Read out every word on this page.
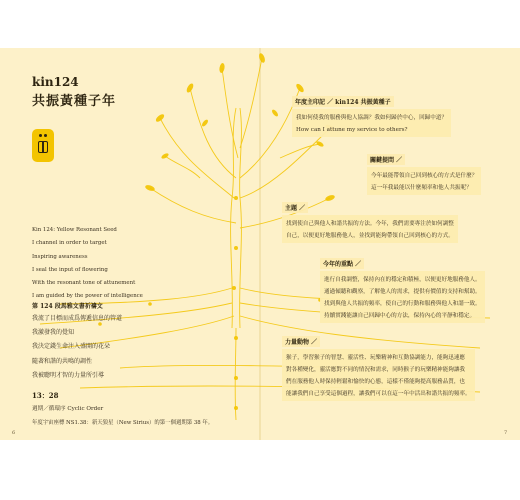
kin124
共振黃種子年
Kin 124: Yellow Resonant Seed
I channel in order to target
Inspiring awareness
I seal the input of flowering
With the resonant tone of attunement
I am guided by the power of intelligence
第 124 段馬雅文書祈禱文
我流了目標而成爲傳遞信息的管道
我激發我的覺知
我決定錢生命注入盛開的花朵
隨著和諧的共鳴的調性
我被聰明才智的力量所引導
13：28
週期／循環序 Cyclic Order
年度宇宙座標 NS1.38：新天狼星（New Sirius）的第一個週期第 38 年。
6	7
年度主印記 ／ kin124 共振黃種子
我如何使我的服務與他人協調？我如何歸於中心，回歸中道？
How can I attune my service to others?
關鍵提問 ／
今年最能帶領自己回到核心的方式是什麼？
這一年我最能以什麼頻率和他人共振呢？
主題 ／
找到使自己與他人和諧共振的方法。今年，我們需要專注於如何調整
自己，以便更好地服務他人，並找到能夠帶領自己回到核心的方式。
今年的重點 ／
進行自我調整，保持內在的穩定和積極，以便更好地服務他人。
通過傾聽和觀察，了解他人的需求，提供有價值的支持和幫助。
找到與他人共振的頻率，使自己的行動和服務與他人和諧一致。
持續實踐能讓自己回歸中心的方法，保持內心的平靜和穩定。
力量動物 ／
猴子，學習猴子的智慧、靈活性、玩樂精神和互動協調能力，能夠迅速應
對各種變化，靈活應對不同的情況和需求，同時猴子的玩樂精神能夠讓我
們在服務他人時保持輕鬆和愉快的心態，這樣不僅能夠提高服務品質，也
能讓我們自己享受這個過程，讓我們可以在這一年中活出和諧共振的頻率。
